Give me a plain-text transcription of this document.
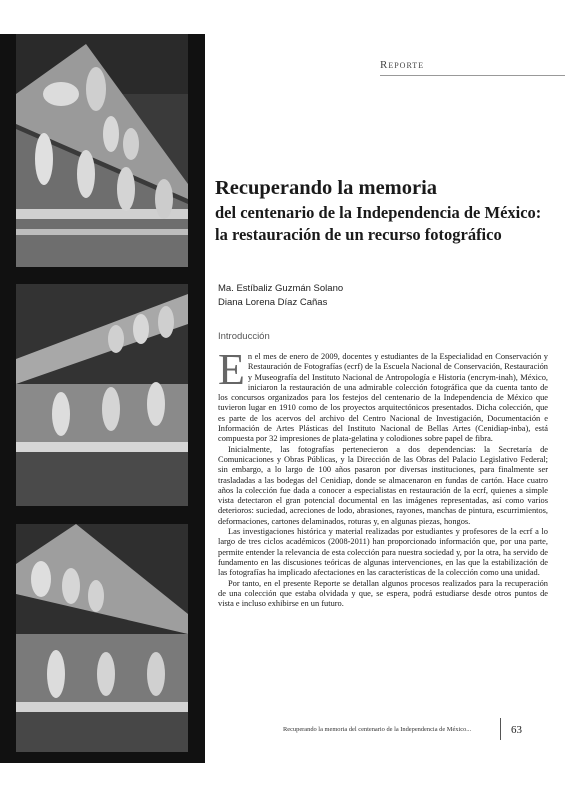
Reporte
Recuperando la memoria
del centenario de la Independencia de México: la restauración de un recurso fotográfico
Ma. Estíbaliz Guzmán Solano
Diana Lorena Díaz Cañas
Introducción

En el mes de enero de 2009, docentes y estudiantes de la Especialidad en Conservación y Restauración de Fotografías (ecrf) de la Escuela Nacional de Conservación, Restauración y Museografía del Instituto Nacional de Antropología e Historia (encrym-inah), México, iniciaron la restauración de una admirable colección fotográfica que da cuenta tanto de los concursos organizados para los festejos del centenario de la Independencia de México que tuvieron lugar en 1910 como de los proyectos arquitectónicos presentados. Dicha colección, que es parte de los acervos del archivo del Centro Nacional de Investigación, Documentación e Información de Artes Plásticas del Instituto Nacional de Bellas Artes (Cenidiap-inba), está compuesta por 32 impresiones de plata-gelatina y colodiones sobre papel de fibra.

Inicialmente, las fotografías pertenecieron a dos dependencias: la Secretaría de Comunicaciones y Obras Públicas, y la Dirección de las Obras del Palacio Legislativo Federal; sin embargo, a lo largo de 100 años pasaron por diversas instituciones, para finalmente ser trasladadas a las bodegas del Cenidiap, donde se almacenaron en fundas de cartón. Hace cuatro años la colección fue dada a conocer a especialistas en restauración de la ecrf, quienes a simple vista detectaron el gran potencial documental en las imágenes representadas, así como varios deterioros: suciedad, acreciones de lodo, abrasiones, rayones, manchas de pintura, escurrimientos, deformaciones, cartones delaminados, roturas y, en algunas piezas, hongos.

Las investigaciones histórica y material realizadas por estudiantes y profesores de la ecrf a lo largo de tres ciclos académicos (2008-2011) han proporcionado información que, por una parte, permite entender la relevancia de esta colección para nuestra sociedad y, por la otra, ha servido de fundamento en las discusiones teóricas de algunas intervenciones, en las que la estabilización de las fotografías ha implicado afectaciones en las características de la colección como una unidad.

Por tanto, en el presente Reporte se detallan algunos procesos realizados para la recuperación de una colección que estaba olvidada y que, se espera, podrá estudiarse desde otros puntos de vista e incluso exhibirse en un futuro.

Recuperando la memoria del centenario de la Independencia de México...	63
